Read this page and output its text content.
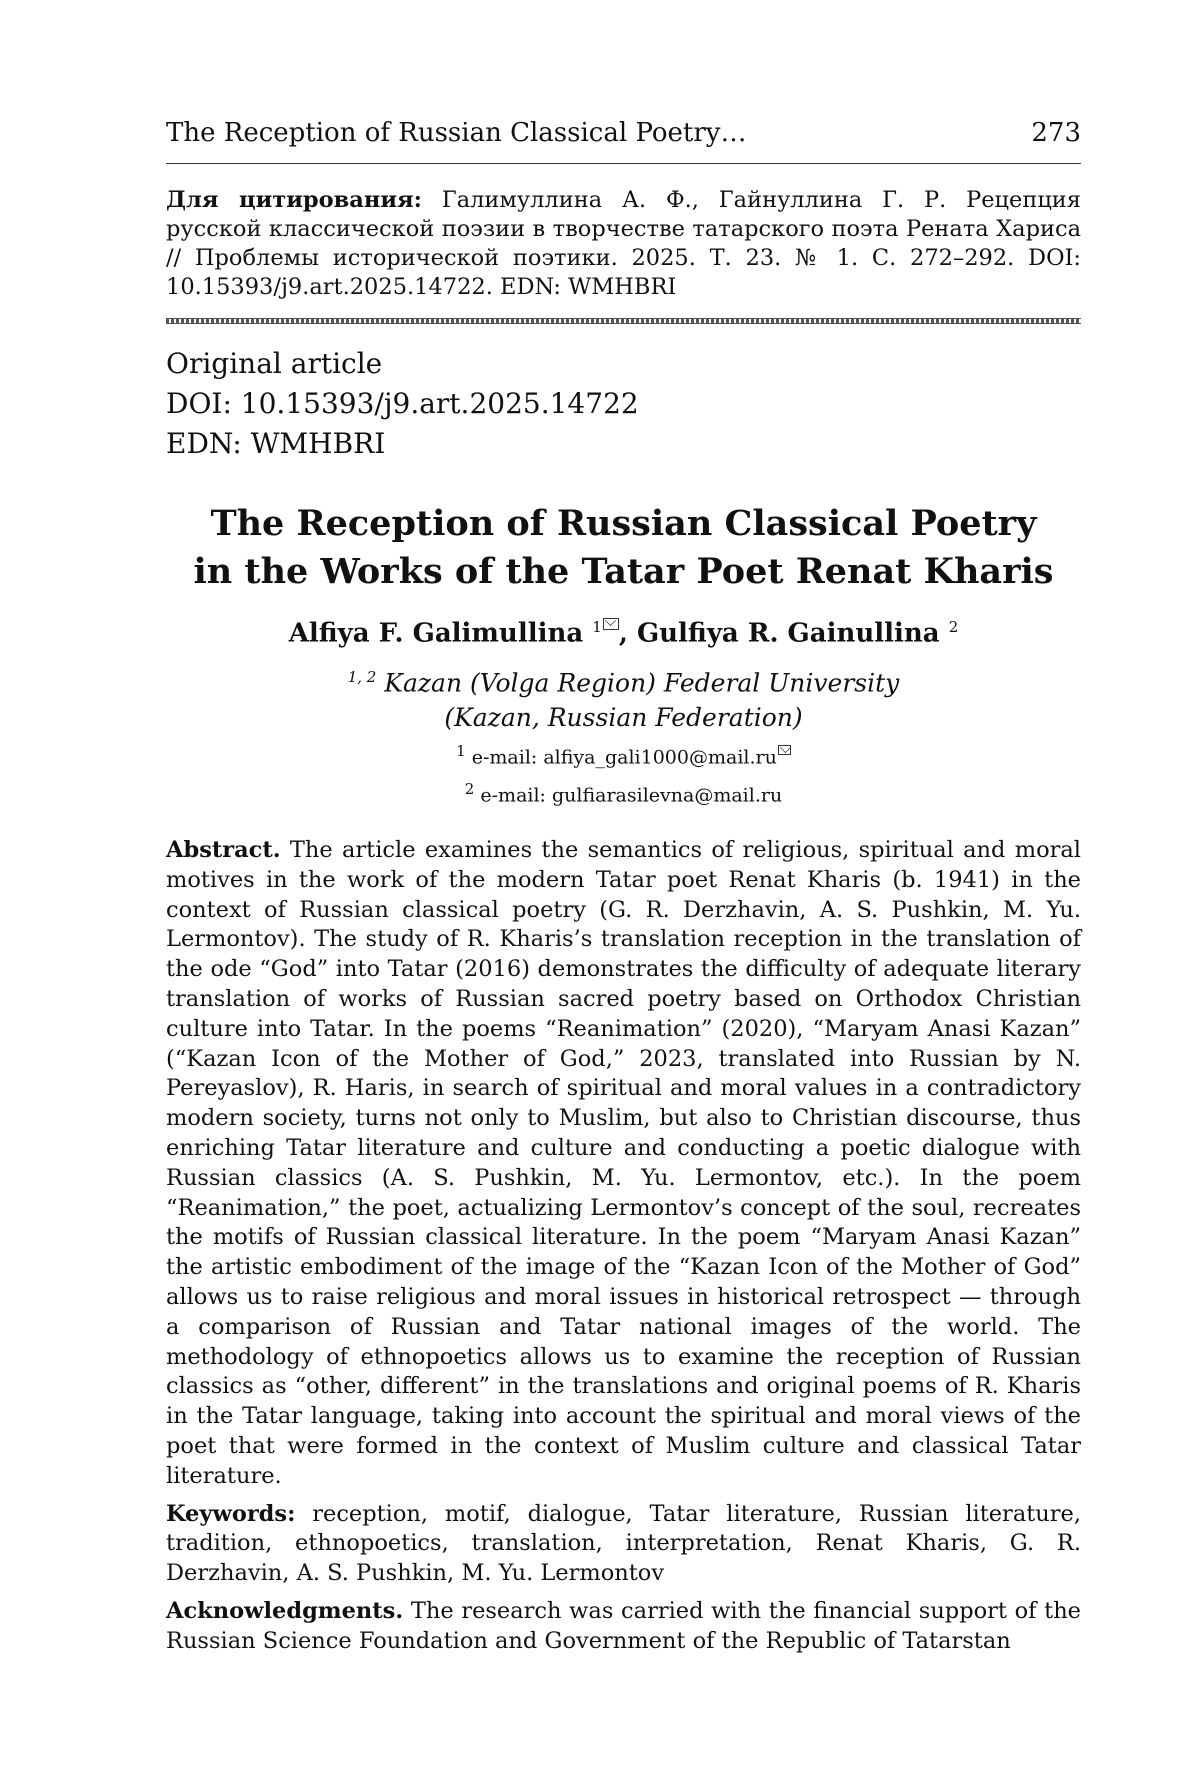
The Reception of Russian Classical Poetry…	273
Для цитирования: Галимуллина А. Ф., Гайнуллина Г. Р. Рецепция русской классической поэзии в творчестве татарского поэта Рената Хариса // Проблемы исторической поэтики. 2025. Т. 23. № 1. С. 272–292. DOI: 10.15393/j9.art.2025.14722. EDN: WMHBRI
Original article
DOI: 10.15393/j9.art.2025.14722
EDN: WMHBRI
The Reception of Russian Classical Poetry
in the Works of the Tatar Poet Renat Kharis
Alfiya F. Galimullina $^1$ , Gulfiya R. Gainullina $^2$
$^{1, 2}$ Kazan (Volga Region) Federal University
(Kazan, Russian Federation)
$^1$ e-mail: alfiya_gali1000@mail.ru
$^2$ e-mail: gulfiarasilevna@mail.ru

Abstract. The article examines the semantics of religious, spiritual and moral motives in the work of the modern Tatar poet Renat Kharis (b. 1941) in the context of Russian classical poetry (G. R. Derzhavin, A. S. Pushkin, M. Yu. Lermontov). The study of R. Kharis’s translation reception in the translation of the ode “God” into Tatar (2016) demonstrates the difficulty of adequate literary translation of works of Russian sacred poetry based on Orthodox Christian culture into Tatar. In the poems “Reanimation” (2020), “Maryam Anasi Kazan” (“Kazan Icon of the Mother of God,” 2023, translated into Russian by N. Pereyaslov), R. Haris, in search of spiritual and moral values in a contradictory modern society, turns not only to Muslim, but also to Christian discourse, thus enriching Tatar literature and culture and conducting a poetic dialogue with Russian classics (A. S. Pushkin, M. Yu. Lermontov, etc.). In the poem “Reanimation,” the poet, actualizing Lermontov’s concept of the soul, recreates the motifs of Russian classical literature. In the poem “Maryam Anasi Kazan” the artistic embodiment of the image of the “Kazan Icon of the Mother of God” allows us to raise religious and moral issues in historical retrospect — through a comparison of Russian and Tatar national images of the world. The methodology of ethnopoetics allows us to examine the reception of Russian classics as “other, different” in the translations and original poems of R. Kharis in the Tatar language, taking into account the spiritual and moral views of the poet that were formed in the context of Muslim culture and classical Tatar literature.

Keywords: reception, motif, dialogue, Tatar literature, Russian literature, tradition, ethnopoetics, translation, interpretation, Renat Kharis, G. R. Derzhavin, A. S. Pushkin, M. Yu. Lermontov

Acknowledgments. The research was carried with the financial support of the Russian Science Foundation and Government of the Republic of Tatarstan
